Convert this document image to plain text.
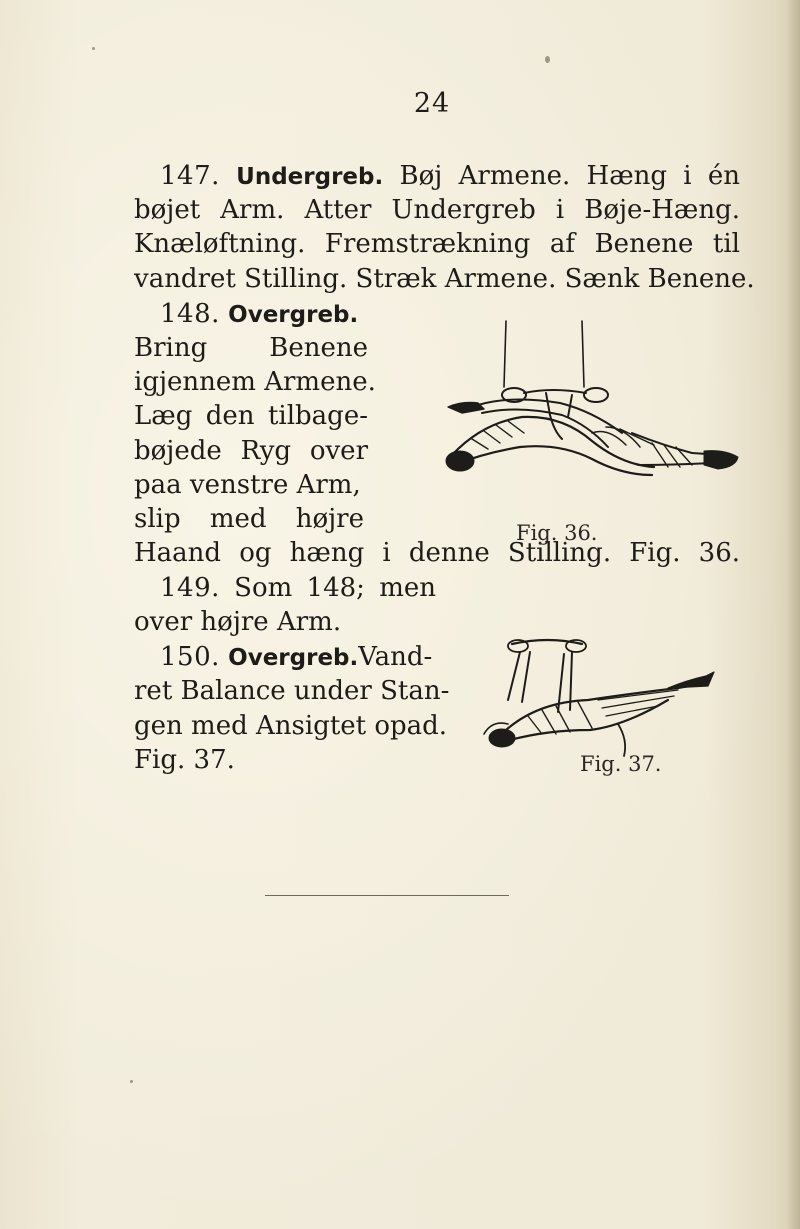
24
147. Undergreb. Bøj Armene. Hæng i én
bøjet Arm. Atter Undergreb i Bøje-Hæng.
Knæløftning. Fremstrækning af Benene til
vandret Stilling. Stræk Armene. Sænk Benene.
148. Overgreb.
Bring Benene
igjennem Armene.
Læg den tilbage-
bøjede Ryg over
paa venstre Arm,
slip med højre
Haand og hæng i denne Stilling. Fig. 36.
Fig. 36.
149. Som 148; men
over højre Arm.
150. Overgreb.Vand-
ret Balance under Stan-
gen med Ansigtet opad.
Fig. 37.	Fig. 37.
